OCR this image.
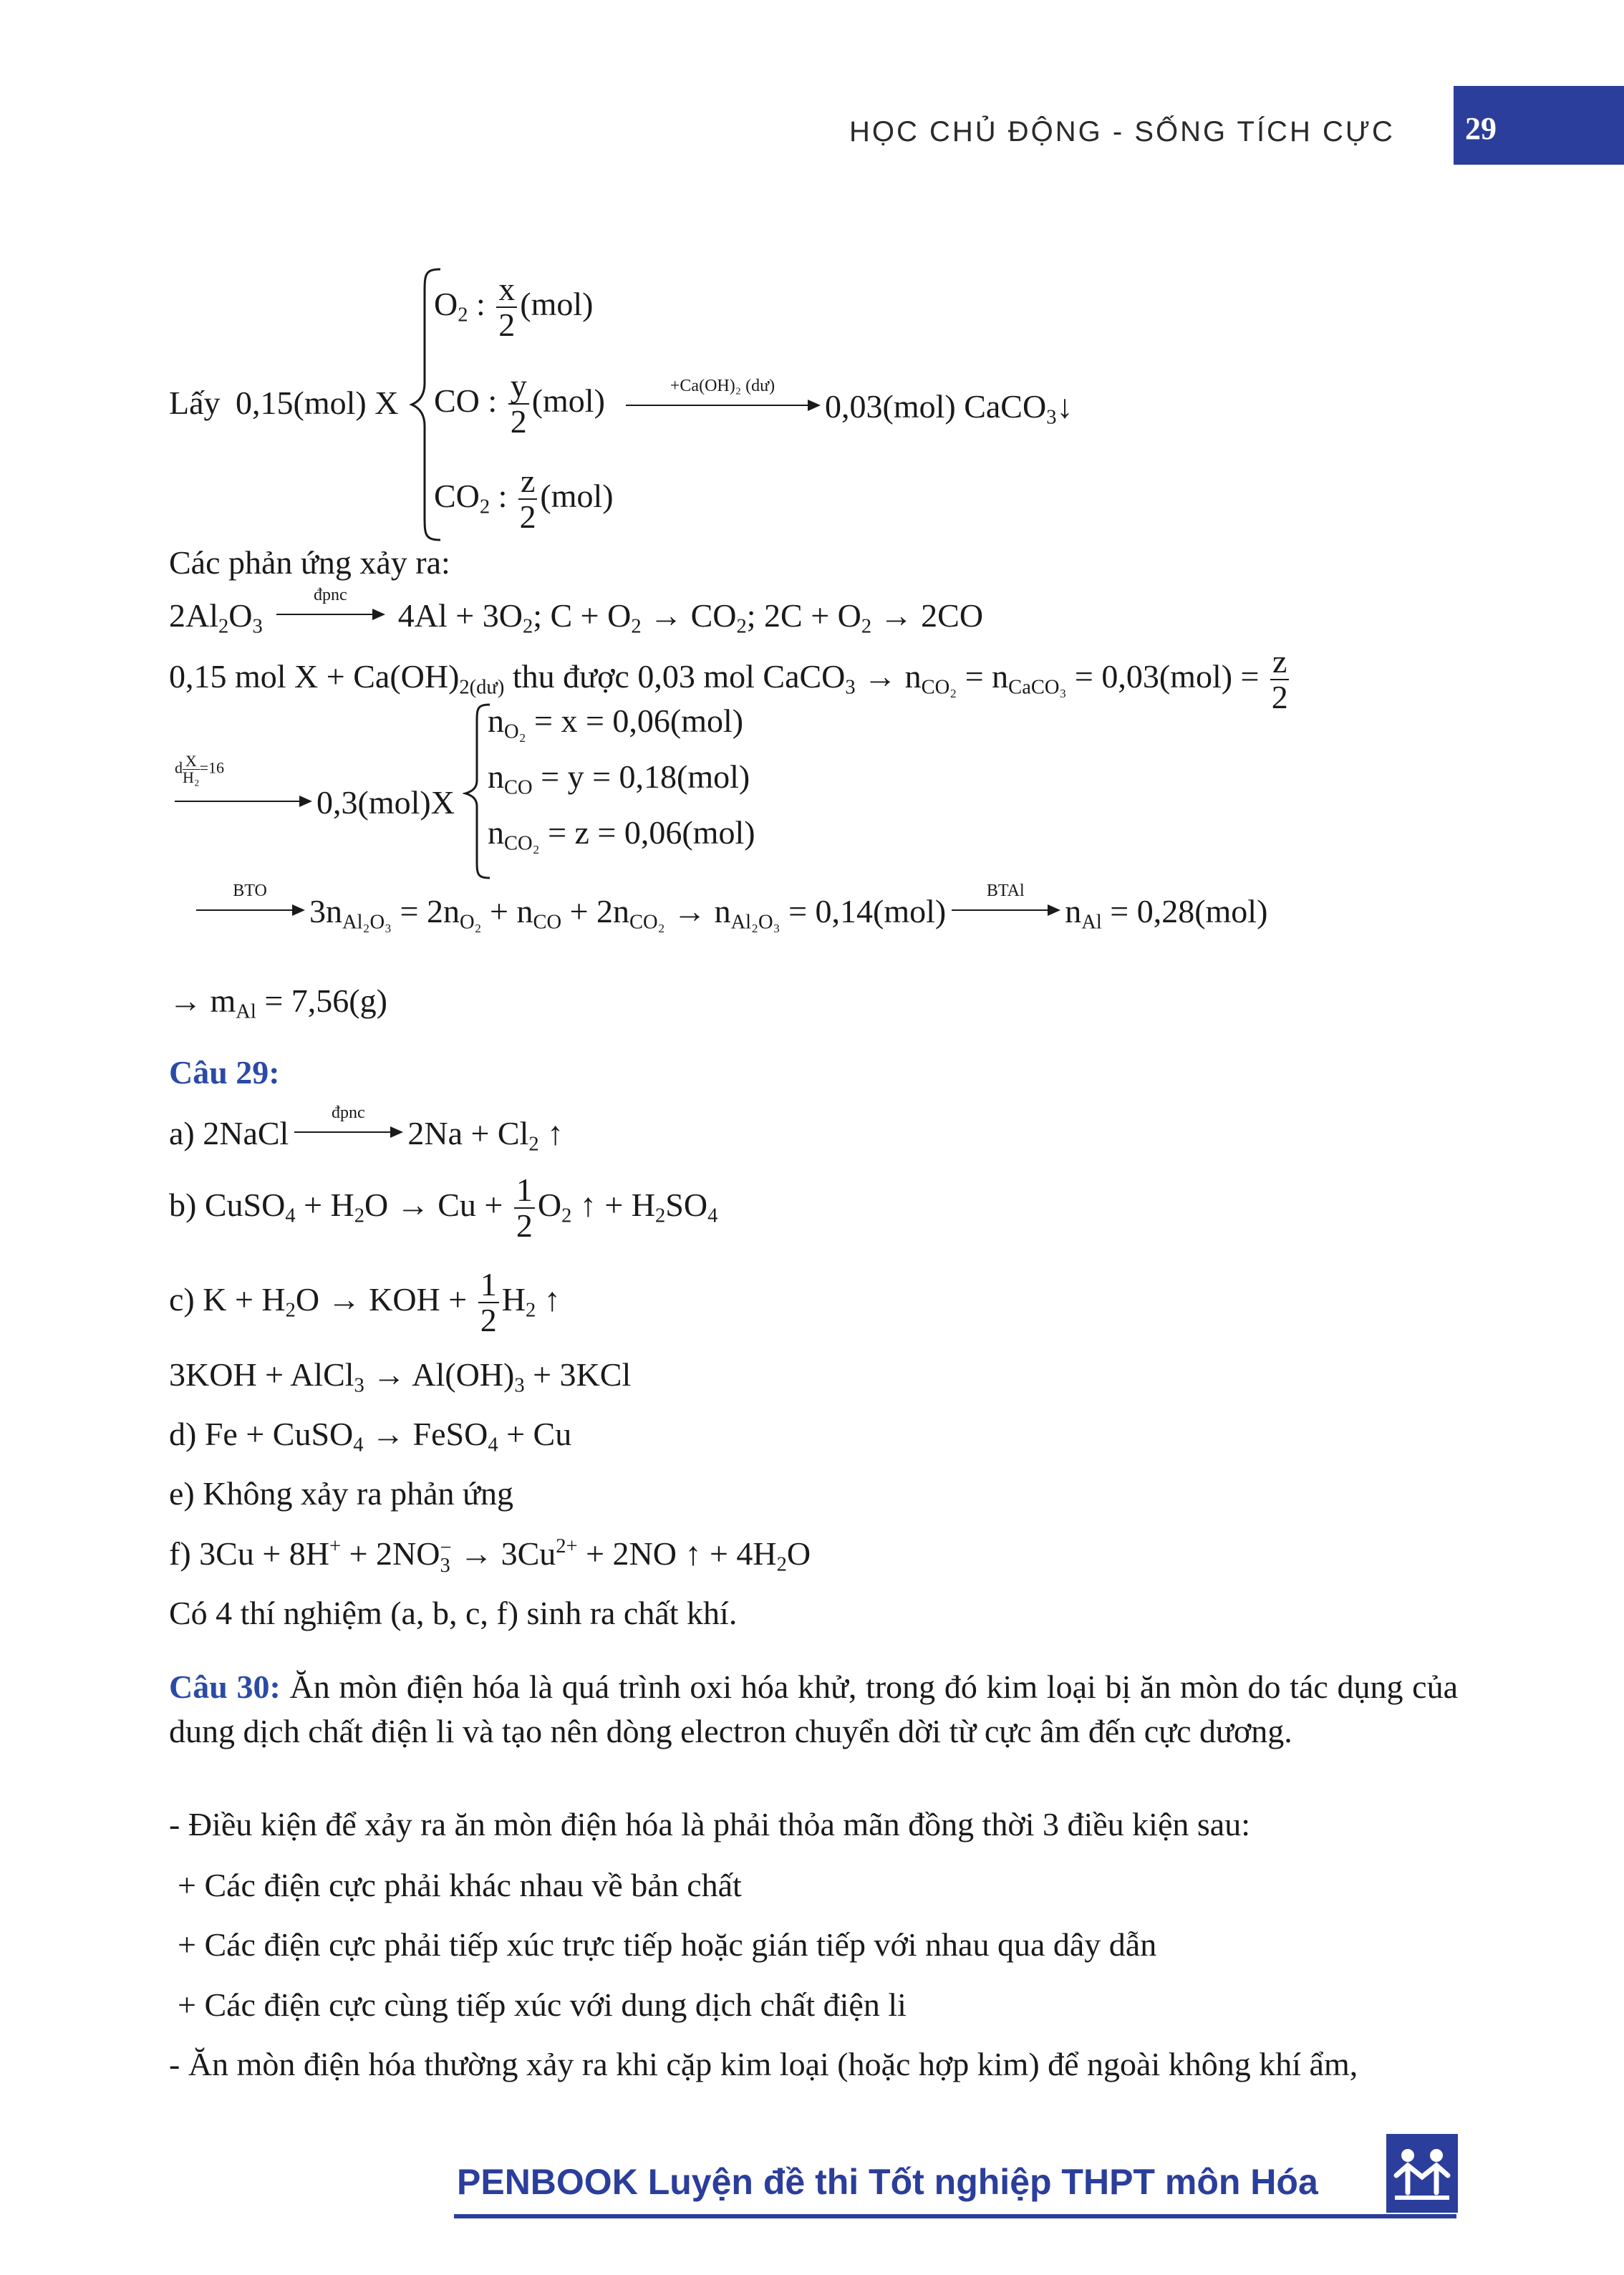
HỌC CHỦ ĐỘNG - SỐNG TÍCH CỰC 29
Lấy 0,15(mol) X
$O_2$ : $\frac{x}{2} (mol)$
CO : $\frac{y}{2} (mol)$
$CO_2$ : $\frac{z}{2} (mol)$
+Ca(OH)₂ (dư)
0,03(mol) CaCO$_3$↓
Các phản ứng xảy ra:
$2Al_2O_3$
đpnc
$4Al + 3O_2$; $C + O_2 \to CO_2$; $2C + O_2 \to 2CO$
0,15 mol $X + Ca(OH)_{2(dư)}$ thu được 0,03 mol CaCO$_3$ → $n_{CO_2} = n_{CaCO_3} = 0,03(mol) = \frac{z}{2}$
d $\frac{X}{\text{H₂}} =16$
0,3(mol)X
$n_{O_2} = x = 0,06(mol)$
$n_{CO} = y = 0,18(mol)$
$n_{CO_2} = z = 0,06(mol)$
BTO
$3n_{Al_2O_3} = 2n_{O_2} + n_{CO} + 2n_{CO_2} \to n_{Al_2O_3} = 0,14(mol)$
BTAl
$n_{Al} = 0,28(mol)$
→ $m_{Al} = 7,56(g)$
Câu 29:
a) 2NaCl
đpnc
$2Na + Cl_2$ ↑
b) CuSO$_4$ + $H_2O \to Cu + \frac{1}{2} O_2$ ↑ + $H_2SO_4$
c) $K + H_2O$ → KOH + $\frac{1}{2} H_2$ ↑
3KOH + AlCl$_3$ → $Al(OH)_3 + 3KCl$
d) Fe + CuSO$_4$ → FeSO$_4$ + Cu
e) Không xảy ra phản ứng
f) 3Cu + 8H+ + 2NO −
$3 \to 3Cu^{2+} + 2NO$ ↑ + $4H_2O$
Có 4 thí nghiệm (a, b, c, f) sinh ra chất khí.
Câu 30: Ăn mòn điện hóa là quá trình oxi hóa khử, trong đó kim loại bị ăn mòn do tác dụng của dung dịch chất điện li và tạo nên dòng electron chuyển dời từ cực âm đến cực dương.
- Điều kiện để xảy ra ăn mòn điện hóa là phải thỏa mãn đồng thời 3 điều kiện sau:
+ Các điện cực phải khác nhau về bản chất
+ Các điện cực phải tiếp xúc trực tiếp hoặc gián tiếp với nhau qua dây dẫn
+ Các điện cực cùng tiếp xúc với dung dịch chất điện li
- Ăn mòn điện hóa thường xảy ra khi cặp kim loại (hoặc hợp kim) để ngoài không khí ẩm,
PENBOOK Luyện đề thi Tốt nghiệp THPT môn Hóa
